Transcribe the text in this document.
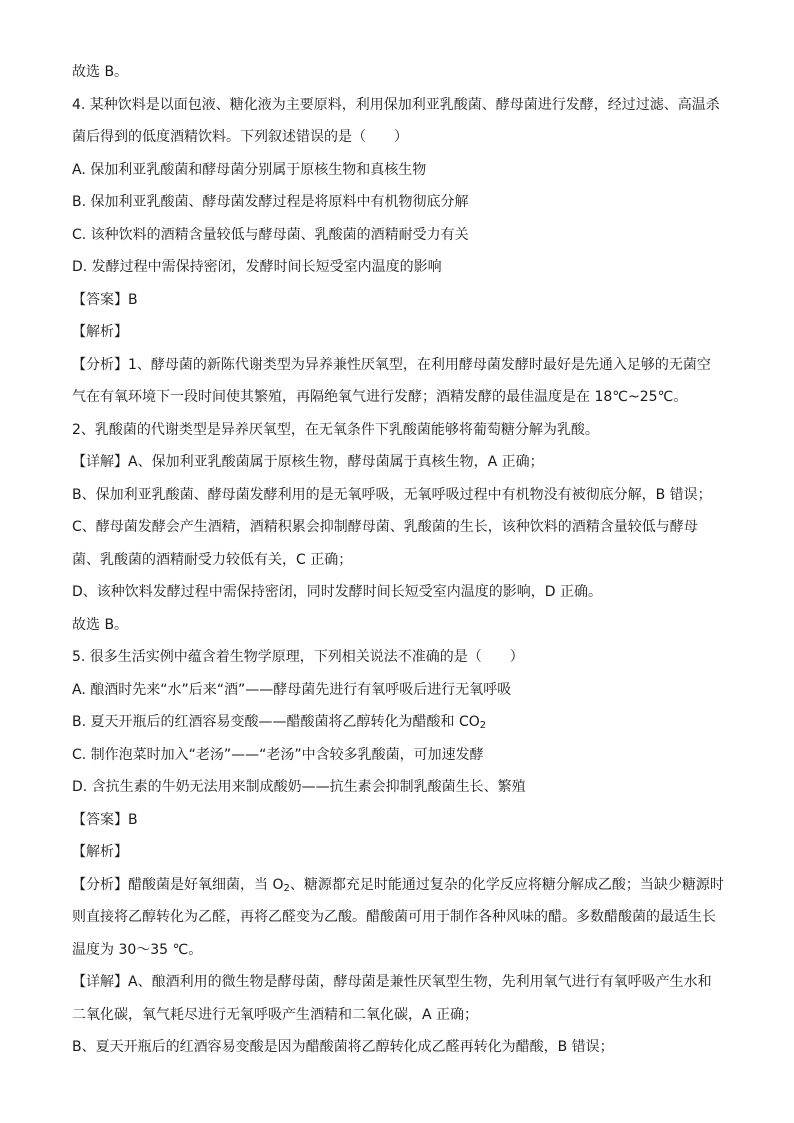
故选 B。
4. 某种饮料是以面包液、糖化液为主要原料，利用保加利亚乳酸菌、酵母菌进行发酵，经过过滤、高温杀
菌后得到的低度酒精饮料。下列叙述错误的是（　　）
A. 保加利亚乳酸菌和酵母菌分别属于原核生物和真核生物
B. 保加利亚乳酸菌、酵母菌发酵过程是将原料中有机物彻底分解
C. 该种饮料的酒精含量较低与酵母菌、乳酸菌的酒精耐受力有关
D. 发酵过程中需保持密闭，发酵时间长短受室内温度的影响
【答案】B
【解析】
【分析】1、酵母菌的新陈代谢类型为异养兼性厌氧型，在利用酵母菌发酵时最好是先通入足够的无菌空
气在有氧环境下一段时间使其繁殖，再隔绝氧气进行发酵；酒精发酵的最佳温度是在 18℃~25℃。
2、乳酸菌的代谢类型是异养厌氧型，在无氧条件下乳酸菌能够将葡萄糖分解为乳酸。
【详解】A、保加利亚乳酸菌属于原核生物，酵母菌属于真核生物，A 正确；
B、保加利亚乳酸菌、酵母菌发酵利用的是无氧呼吸，无氧呼吸过程中有机物没有被彻底分解，B 错误；
C、酵母菌发酵会产生酒精，酒精积累会抑制酵母菌、乳酸菌的生长，该种饮料的酒精含量较低与酵母
菌、乳酸菌的酒精耐受力较低有关，C 正确；
D、该种饮料发酵过程中需保持密闭，同时发酵时间长短受室内温度的影响，D 正确。
故选 B。
5. 很多生活实例中蕴含着生物学原理，下列相关说法不准确的是（　　）
A. 酿酒时先来“水”后来“酒”——酵母菌先进行有氧呼吸后进行无氧呼吸
B. 夏天开瓶后的红酒容易变酸——醋酸菌将乙醇转化为醋酸和 $CO_2$
C. 制作泡菜时加入“老汤”——“老汤”中含较多乳酸菌，可加速发酵
D. 含抗生素的牛奶无法用来制成酸奶——抗生素会抑制乳酸菌生长、繁殖
【答案】B
【解析】
【分析】醋酸菌是好氧细菌，当 $O_2$、糖源都充足时能通过复杂的化学反应将糖分解成乙酸；当缺少糖源时
则直接将乙醇转化为乙醛，再将乙醛变为乙酸。醋酸菌可用于制作各种风味的醋。多数醋酸菌的最适生长
温度为 30～35 ℃。
【详解】A、酿酒利用的微生物是酵母菌，酵母菌是兼性厌氧型生物，先利用氧气进行有氧呼吸产生水和
二氧化碳，氧气耗尽进行无氧呼吸产生酒精和二氧化碳，A 正确；
B、夏天开瓶后的红酒容易变酸是因为醋酸菌将乙醇转化成乙醛再转化为醋酸，B 错误；
